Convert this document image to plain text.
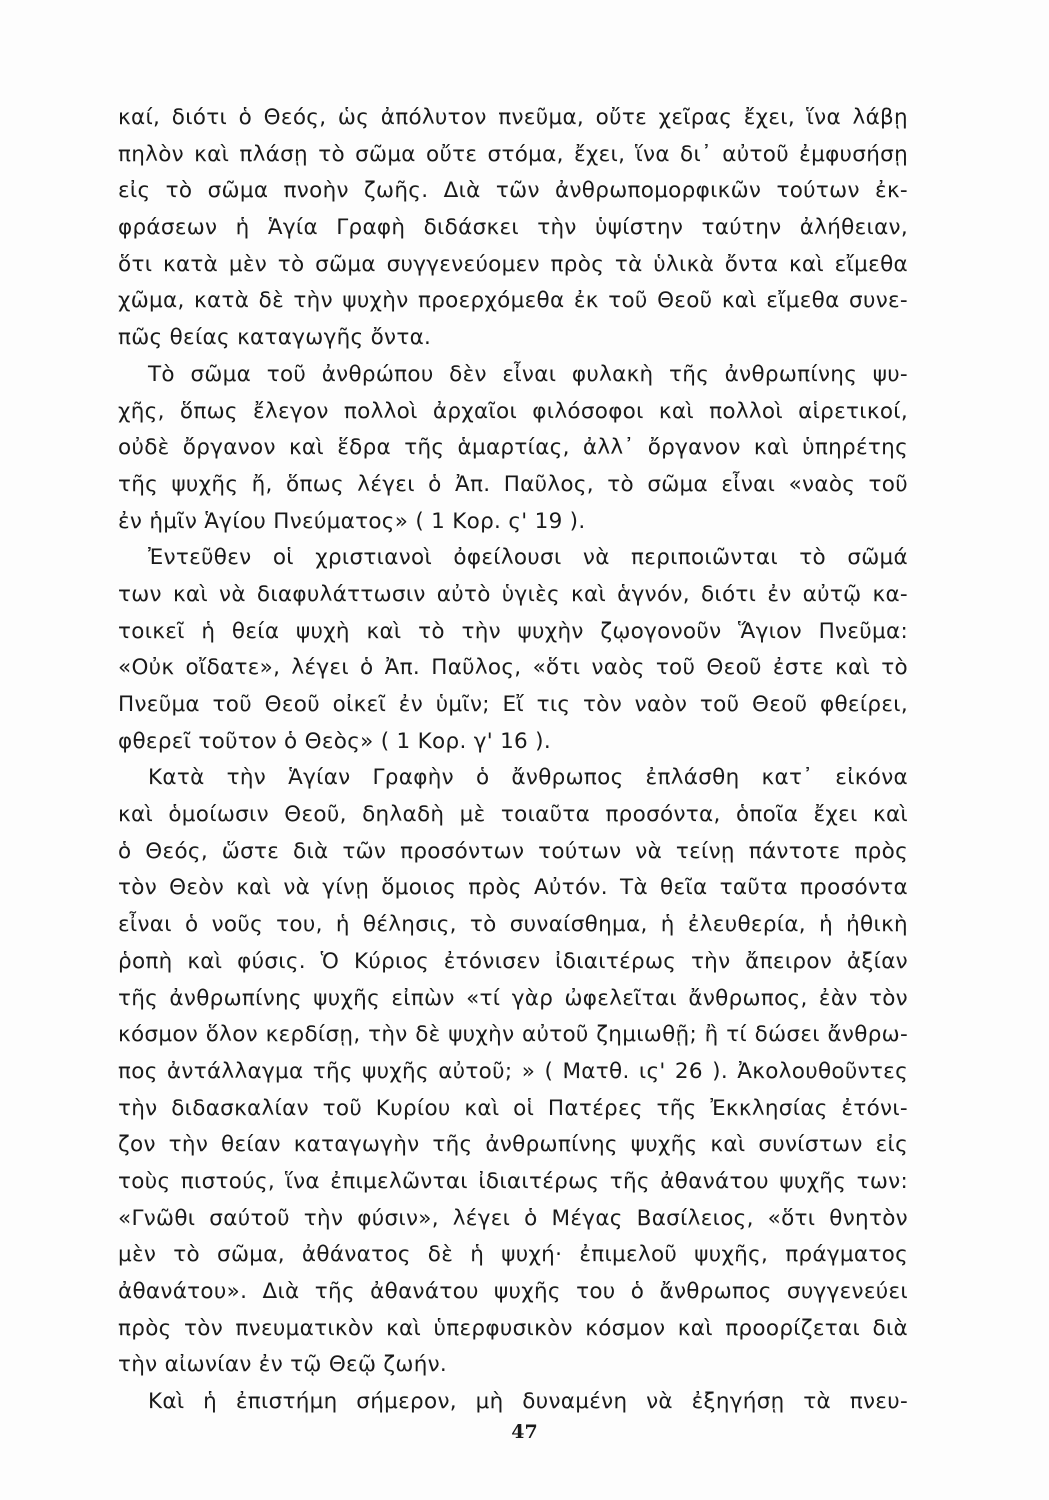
καί, διότι ὁ Θεός, ὡς ἀπόλυτον πνεῦμα, οὔτε χεῖρας ἔχει, ἵνα λάβῃ
πηλὸν καὶ πλάσῃ τὸ σῶμα οὔτε στόμα, ἔχει, ἵνα δι᾽ αὐτοῦ ἐμφυσήσῃ
εἰς τὸ σῶμα πνοὴν ζωῆς. Διὰ τῶν ἀνθρωπομορφικῶν τούτων ἐκ-
φράσεων ἡ Ἁγία Γραφὴ διδάσκει τὴν ὑψίστην ταύτην ἀλήθειαν,
ὅτι κατὰ μὲν τὸ σῶμα συγγενεύομεν πρὸς τὰ ὑλικὰ ὄντα καὶ εἴμεθα
χῶμα, κατὰ δὲ τὴν ψυχὴν προερχόμεθα ἐκ τοῦ Θεοῦ καὶ εἴμεθα συνε-
πῶς θείας καταγωγῆς ὄντα.
Τὸ σῶμα τοῦ ἀνθρώπου δὲν εἶναι φυλακὴ τῆς ἀνθρωπίνης ψυ-
χῆς, ὅπως ἔλεγον πολλοὶ ἀρχαῖοι φιλόσοφοι καὶ πολλοὶ αἱρετικοί,
οὐδὲ ὄργανον καὶ ἕδρα τῆς ἁμαρτίας, ἀλλ᾽ ὄργανον καὶ ὑπηρέτης
τῆς ψυχῆς ἤ, ὅπως λέγει ὁ Ἀπ. Παῦλος, τὸ σῶμα εἶναι «ναὸς τοῦ
ἐν ἡμῖν Ἁγίου Πνεύματος» ( 1 Κορ. ς' 19 ).
Ἐντεῦθεν οἱ χριστιανοὶ ὀφείλουσι νὰ περιποιῶνται τὸ σῶμά
των καὶ νὰ διαφυλάττωσιν αὐτὸ ὑγιὲς καὶ ἁγνόν, διότι ἐν αὐτῷ κα-
τοικεῖ ἡ θεία ψυχὴ καὶ τὸ τὴν ψυχὴν ζῳογονοῦν Ἅγιον Πνεῦμα:
«Οὐκ οἴδατε», λέγει ὁ Ἀπ. Παῦλος, «ὅτι ναὸς τοῦ Θεοῦ ἐστε καὶ τὸ
Πνεῦμα τοῦ Θεοῦ οἰκεῖ ἐν ὑμῖν; Εἴ τις τὸν ναὸν τοῦ Θεοῦ φθείρει,
φθερεῖ τοῦτον ὁ Θεὸς» ( 1 Κορ. γ' 16 ).
Κατὰ τὴν Ἁγίαν Γραφὴν ὁ ἄνθρωπος ἐπλάσθη κατ᾽ εἰκόνα
καὶ ὁμοίωσιν Θεοῦ, δηλαδὴ μὲ τοιαῦτα προσόντα, ὁποῖα ἔχει καὶ
ὁ Θεός, ὥστε διὰ τῶν προσόντων τούτων νὰ τείνῃ πάντοτε πρὸς
τὸν Θεὸν καὶ νὰ γίνῃ ὅμοιος πρὸς Αὐτόν. Τὰ θεῖα ταῦτα προσόντα
εἶναι ὁ νοῦς του, ἡ θέλησις, τὸ συναίσθημα, ἡ ἐλευθερία, ἡ ἠθικὴ
ῥοπὴ καὶ φύσις. Ὁ Κύριος ἐτόνισεν ἰδιαιτέρως τὴν ἄπειρον ἀξίαν
τῆς ἀνθρωπίνης ψυχῆς εἰπὼν «τί γὰρ ὠφελεῖται ἄνθρωπος, ἐὰν τὸν
κόσμον ὅλον κερδίσῃ, τὴν δὲ ψυχὴν αὐτοῦ ζημιωθῇ; ἢ τί δώσει ἄνθρω-
πος ἀντάλλαγμα τῆς ψυχῆς αὐτοῦ; » ( Ματθ. ις' 26 ). Ἀκολουθοῦντες
τὴν διδασκαλίαν τοῦ Κυρίου καὶ οἱ Πατέρες τῆς Ἐκκλησίας ἐτόνι-
ζον τὴν θείαν καταγωγὴν τῆς ἀνθρωπίνης ψυχῆς καὶ συνίστων εἰς
τοὺς πιστούς, ἵνα ἐπιμελῶνται ἰδιαιτέρως τῆς ἀθανάτου ψυχῆς των:
«Γνῶθι σαύτοῦ τὴν φύσιν», λέγει ὁ Μέγας Βασίλειος, «ὅτι θνητὸν
μὲν τὸ σῶμα, ἀθάνατος δὲ ἡ ψυχή· ἐπιμελοῦ ψυχῆς, πράγματος
ἀθανάτου». Διὰ τῆς ἀθανάτου ψυχῆς του ὁ ἄνθρωπος συγγενεύει
πρὸς τὸν πνευματικὸν καὶ ὑπερφυσικὸν κόσμον καὶ προορίζεται διὰ
τὴν αἰωνίαν ἐν τῷ Θεῷ ζωήν.
Καὶ ἡ ἐπιστήμη σήμερον, μὴ δυναμένη νὰ ἐξηγήσῃ τὰ πνευ-
47
